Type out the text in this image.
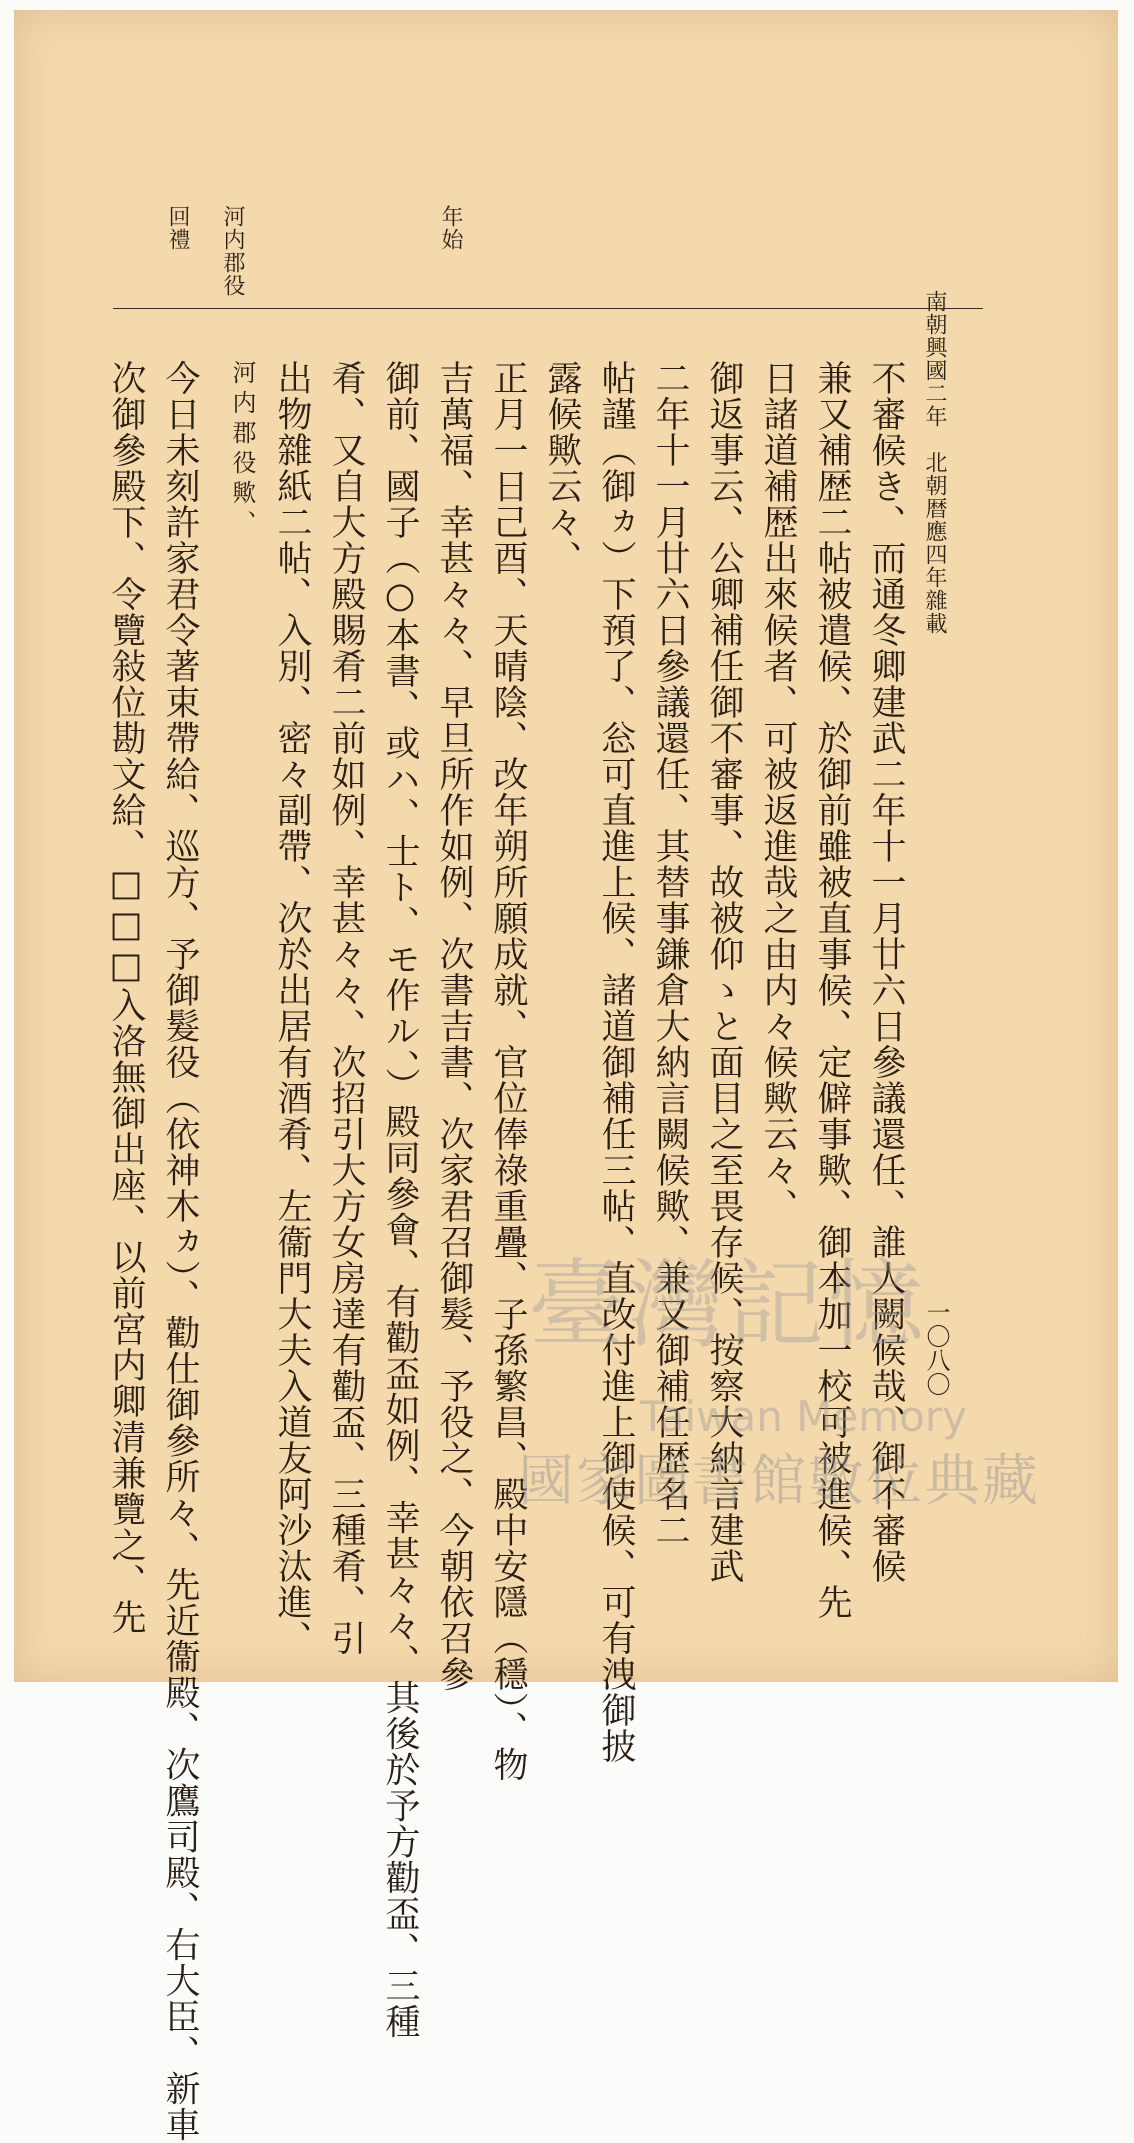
南朝興國二年　北朝暦應四年雜載
一〇八〇
年始
河内郡役
回禮
不審候き、而通冬卿建武二年十一月廿六日參議還任、誰人闕候哉、御不審候
兼又補歴二帖被遣候、於御前雖被直事候、定僻事歟、御本加一校可被進候、先
日諸道補歴出來候者、可被返進哉之由内々候歟云々、
御返事云、公卿補任御不審事、故被仰ゝと面目之至畏存候、按察大納言建武
二年十一月廿六日參議還任、其替事鎌倉大納言闕候歟、兼又御補任歴名二
帖謹（御ヵ）下預了、忩可直進上候、諸道御補任三帖、直改付進上御使候、可有洩御披
露候歟云々、
正月一日己酉、天晴陰、改年朔所願成就、官位俸祿重疊、子孫繁昌、殿中安隱（穩）、物
吉萬福、幸甚々々、早旦所作如例、次書吉書、次家君召御髮、予役之、今朝依召參
御前、國子（○本書、或ハ、士ト、モ作ル、）殿同參會、有勸盃如例、幸甚々々、其後於予方勸盃、三種
肴、又自大方殿賜肴二前如例、幸甚々々、次招引大方女房達有勸盃、三種肴、引
出物雜紙二帖、入別、密々副帶、次於出居有酒肴、左衞門大夫入道友阿沙汰進、
河内郡役歟、
今日未刻許家君令著束帶給、巡方、予御髮役（依神木ヵ）、勸仕御參所々、先近衞殿、次鷹司殿、右大臣、新車
次御參殿下、令覽敍位勘文給、□□□入洛無御出座、以前宮内卿清兼覽之、先	臺灣記憶
Taiwan Memory
國家圖書館數位典藏
